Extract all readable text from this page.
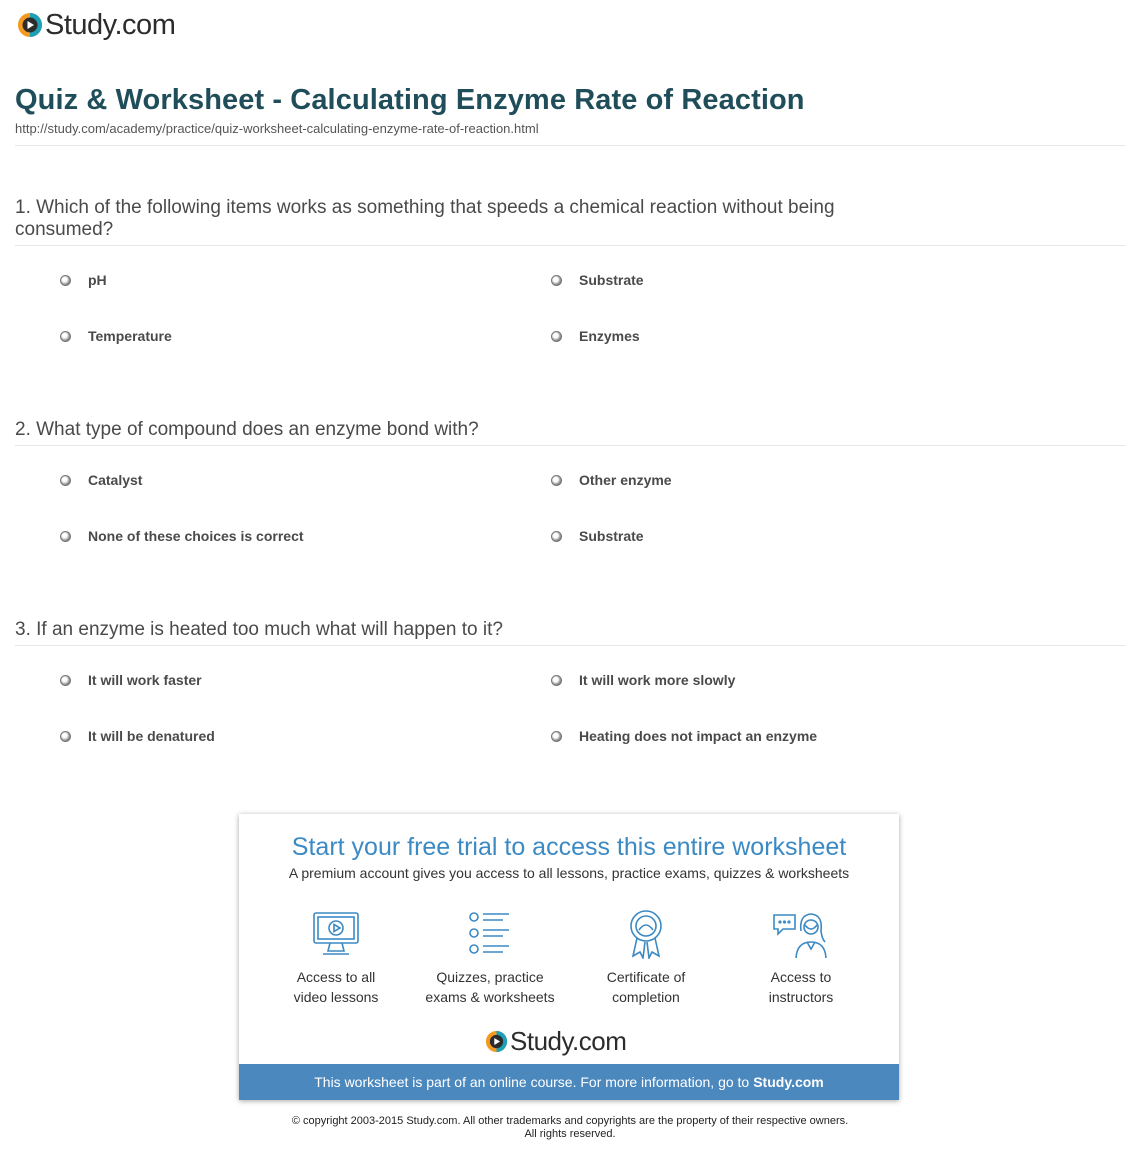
Study.com
Quiz & Worksheet - Calculating Enzyme Rate of Reaction
http://study.com/academy/practice/quiz-worksheet-calculating-enzyme-rate-of-reaction.html
1. Which of the following items works as something that speeds a chemical reaction without being consumed?
pH	Substrate
Temperature	Enzymes
2. What type of compound does an enzyme bond with?
Catalyst	Other enzyme
None of these choices is correct	Substrate
3. If an enzyme is heated too much what will happen to it?
It will work faster	It will work more slowly
It will be denatured	Heating does not impact an enzyme
Start your free trial to access this entire worksheet
A premium account gives you access to all lessons, practice exams, quizzes & worksheets
Access to all
video lessons
Quizzes, practice
exams & worksheets
Certificate of
completion
Access to
instructors
Study.com
This worksheet is part of an online course. For more information, go to Study.com
© copyright 2003-2015 Study.com. All other trademarks and copyrights are the property of their respective owners.
All rights reserved.
